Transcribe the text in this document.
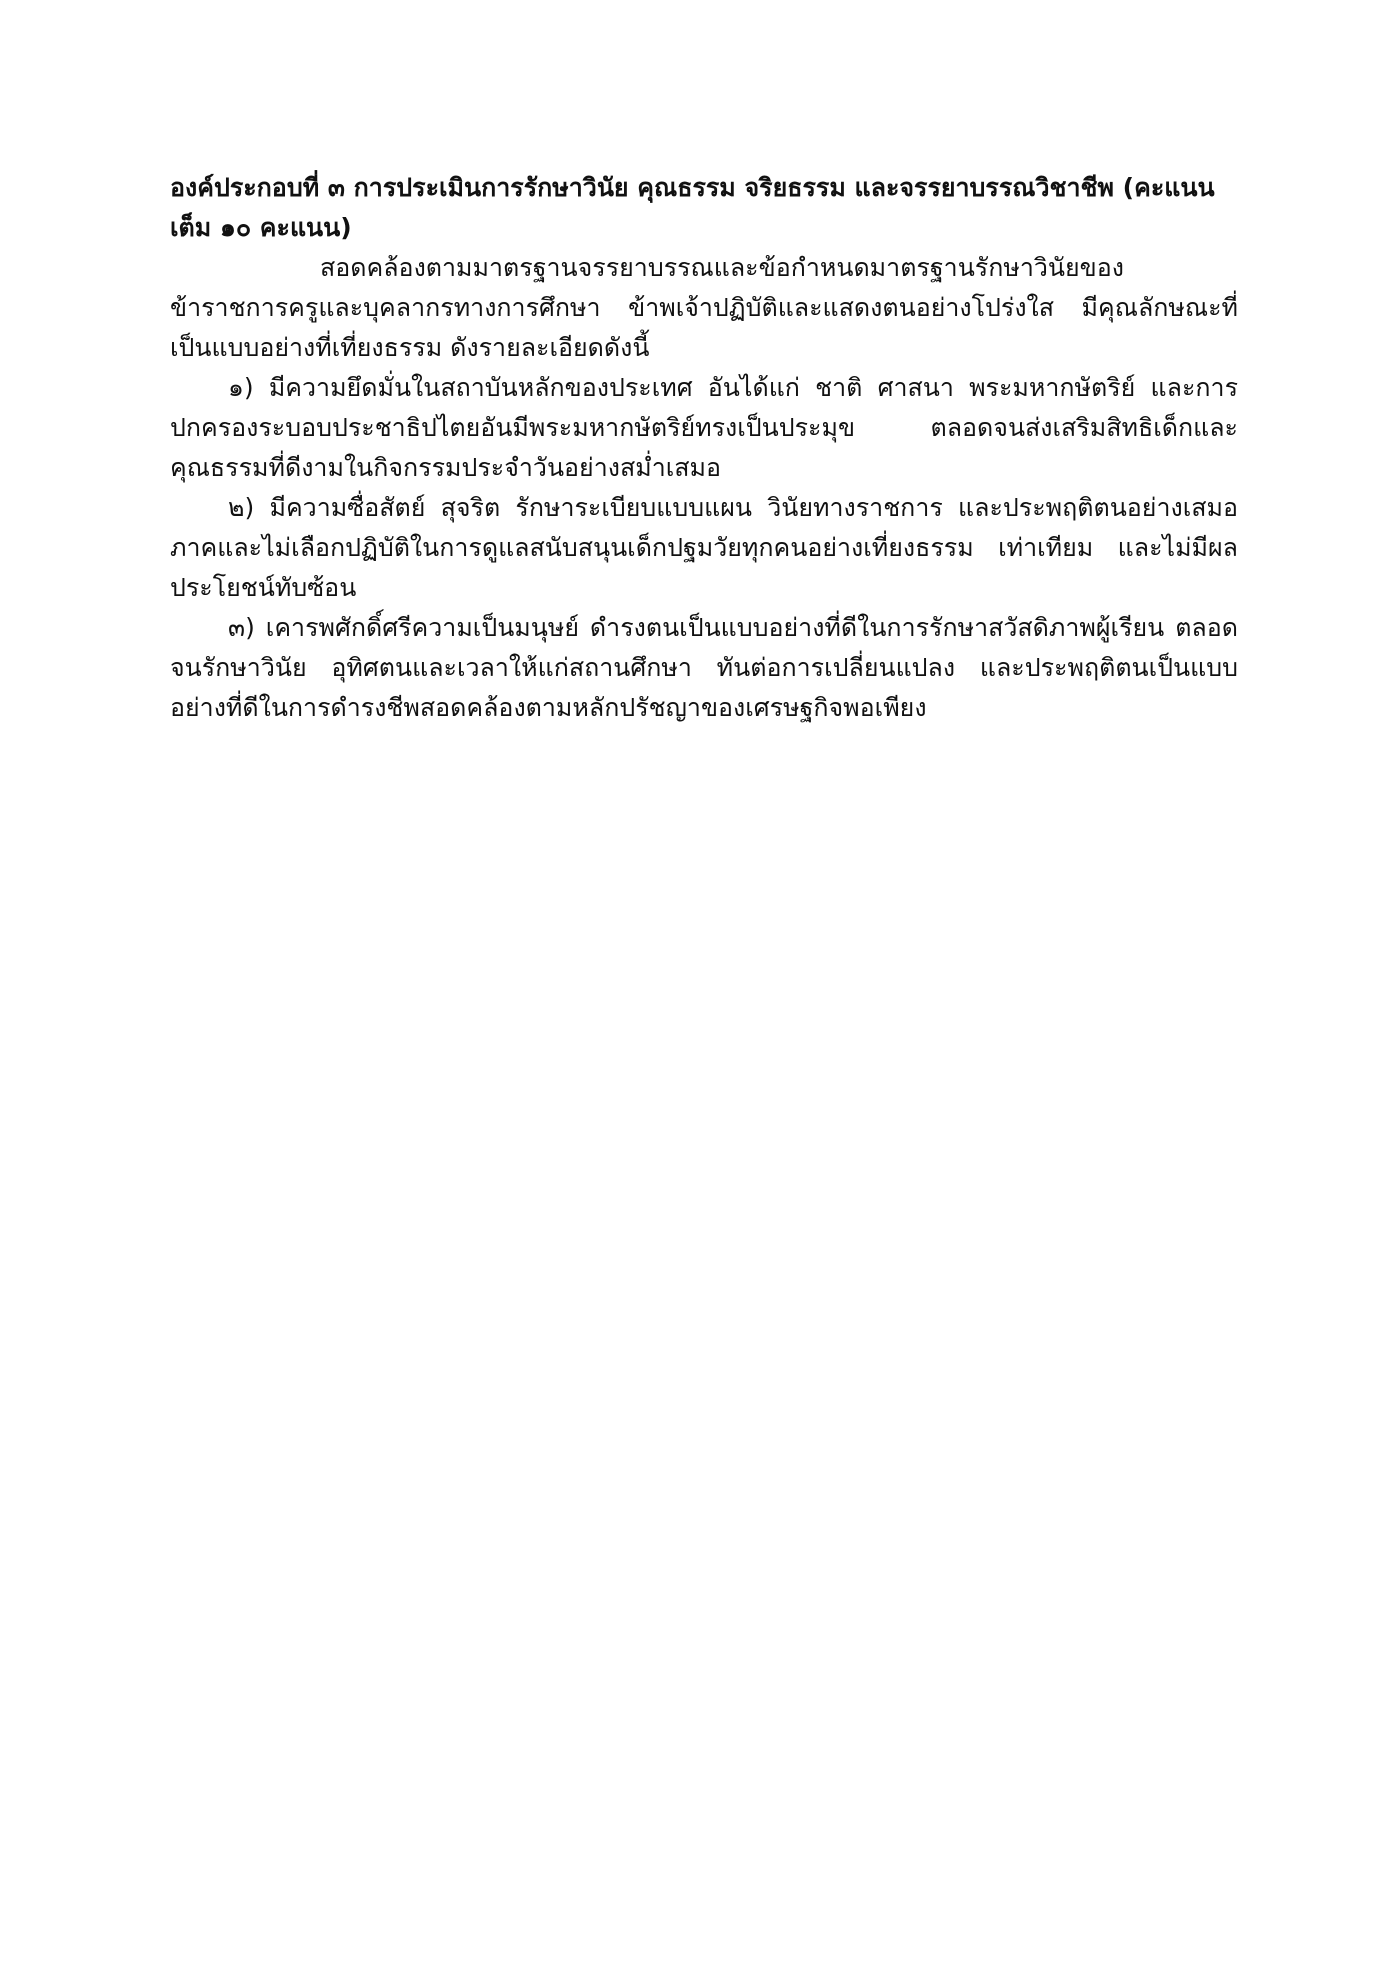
องค์ประกอบที่ ๓ การประเมินการรักษาวินัย คุณธรรม จริยธรรม และจรรยาบรรณวิชาชีพ (คะแนนเต็ม ๑๐ คะแนน)

สอดคล้องตามมาตรฐานจรรยาบรรณและข้อกำหนดมาตรฐานรักษาวินัยของข้าราชการครูและบุคลากรทางการศึกษา ข้าพเจ้าปฏิบัติและแสดงตนอย่างโปร่งใส มีคุณลักษณะที่เป็นแบบอย่างที่เที่ยงธรรม ดังรายละเอียดดังนี้

๑) มีความยึดมั่นในสถาบันหลักของประเทศ อันได้แก่ ชาติ ศาสนา พระมหากษัตริย์ และการปกครองระบอบประชาธิปไตยอันมีพระมหากษัตริย์ทรงเป็นประมุข ตลอดจนส่งเสริมสิทธิเด็กและคุณธรรมที่ดีงามในกิจกรรมประจำวันอย่างสม่ำเสมอ

๒) มีความซื่อสัตย์ สุจริต รักษาระเบียบแบบแผน วินัยทางราชการ และประพฤติตนอย่างเสมอภาคและไม่เลือกปฏิบัติในการดูแลสนับสนุนเด็กปฐมวัยทุกคนอย่างเที่ยงธรรม เท่าเทียม และไม่มีผลประโยชน์ทับซ้อน

๓) เคารพศักดิ์ศรีความเป็นมนุษย์ ดำรงตนเป็นแบบอย่างที่ดีในการรักษาสวัสดิภาพผู้เรียน ตลอดจนรักษาวินัย อุทิศตนและเวลาให้แก่สถานศึกษา ทันต่อการเปลี่ยนแปลง และประพฤติตนเป็นแบบอย่างที่ดีในการดำรงชีพสอดคล้องตามหลักปรัชญาของเศรษฐกิจพอเพียง
